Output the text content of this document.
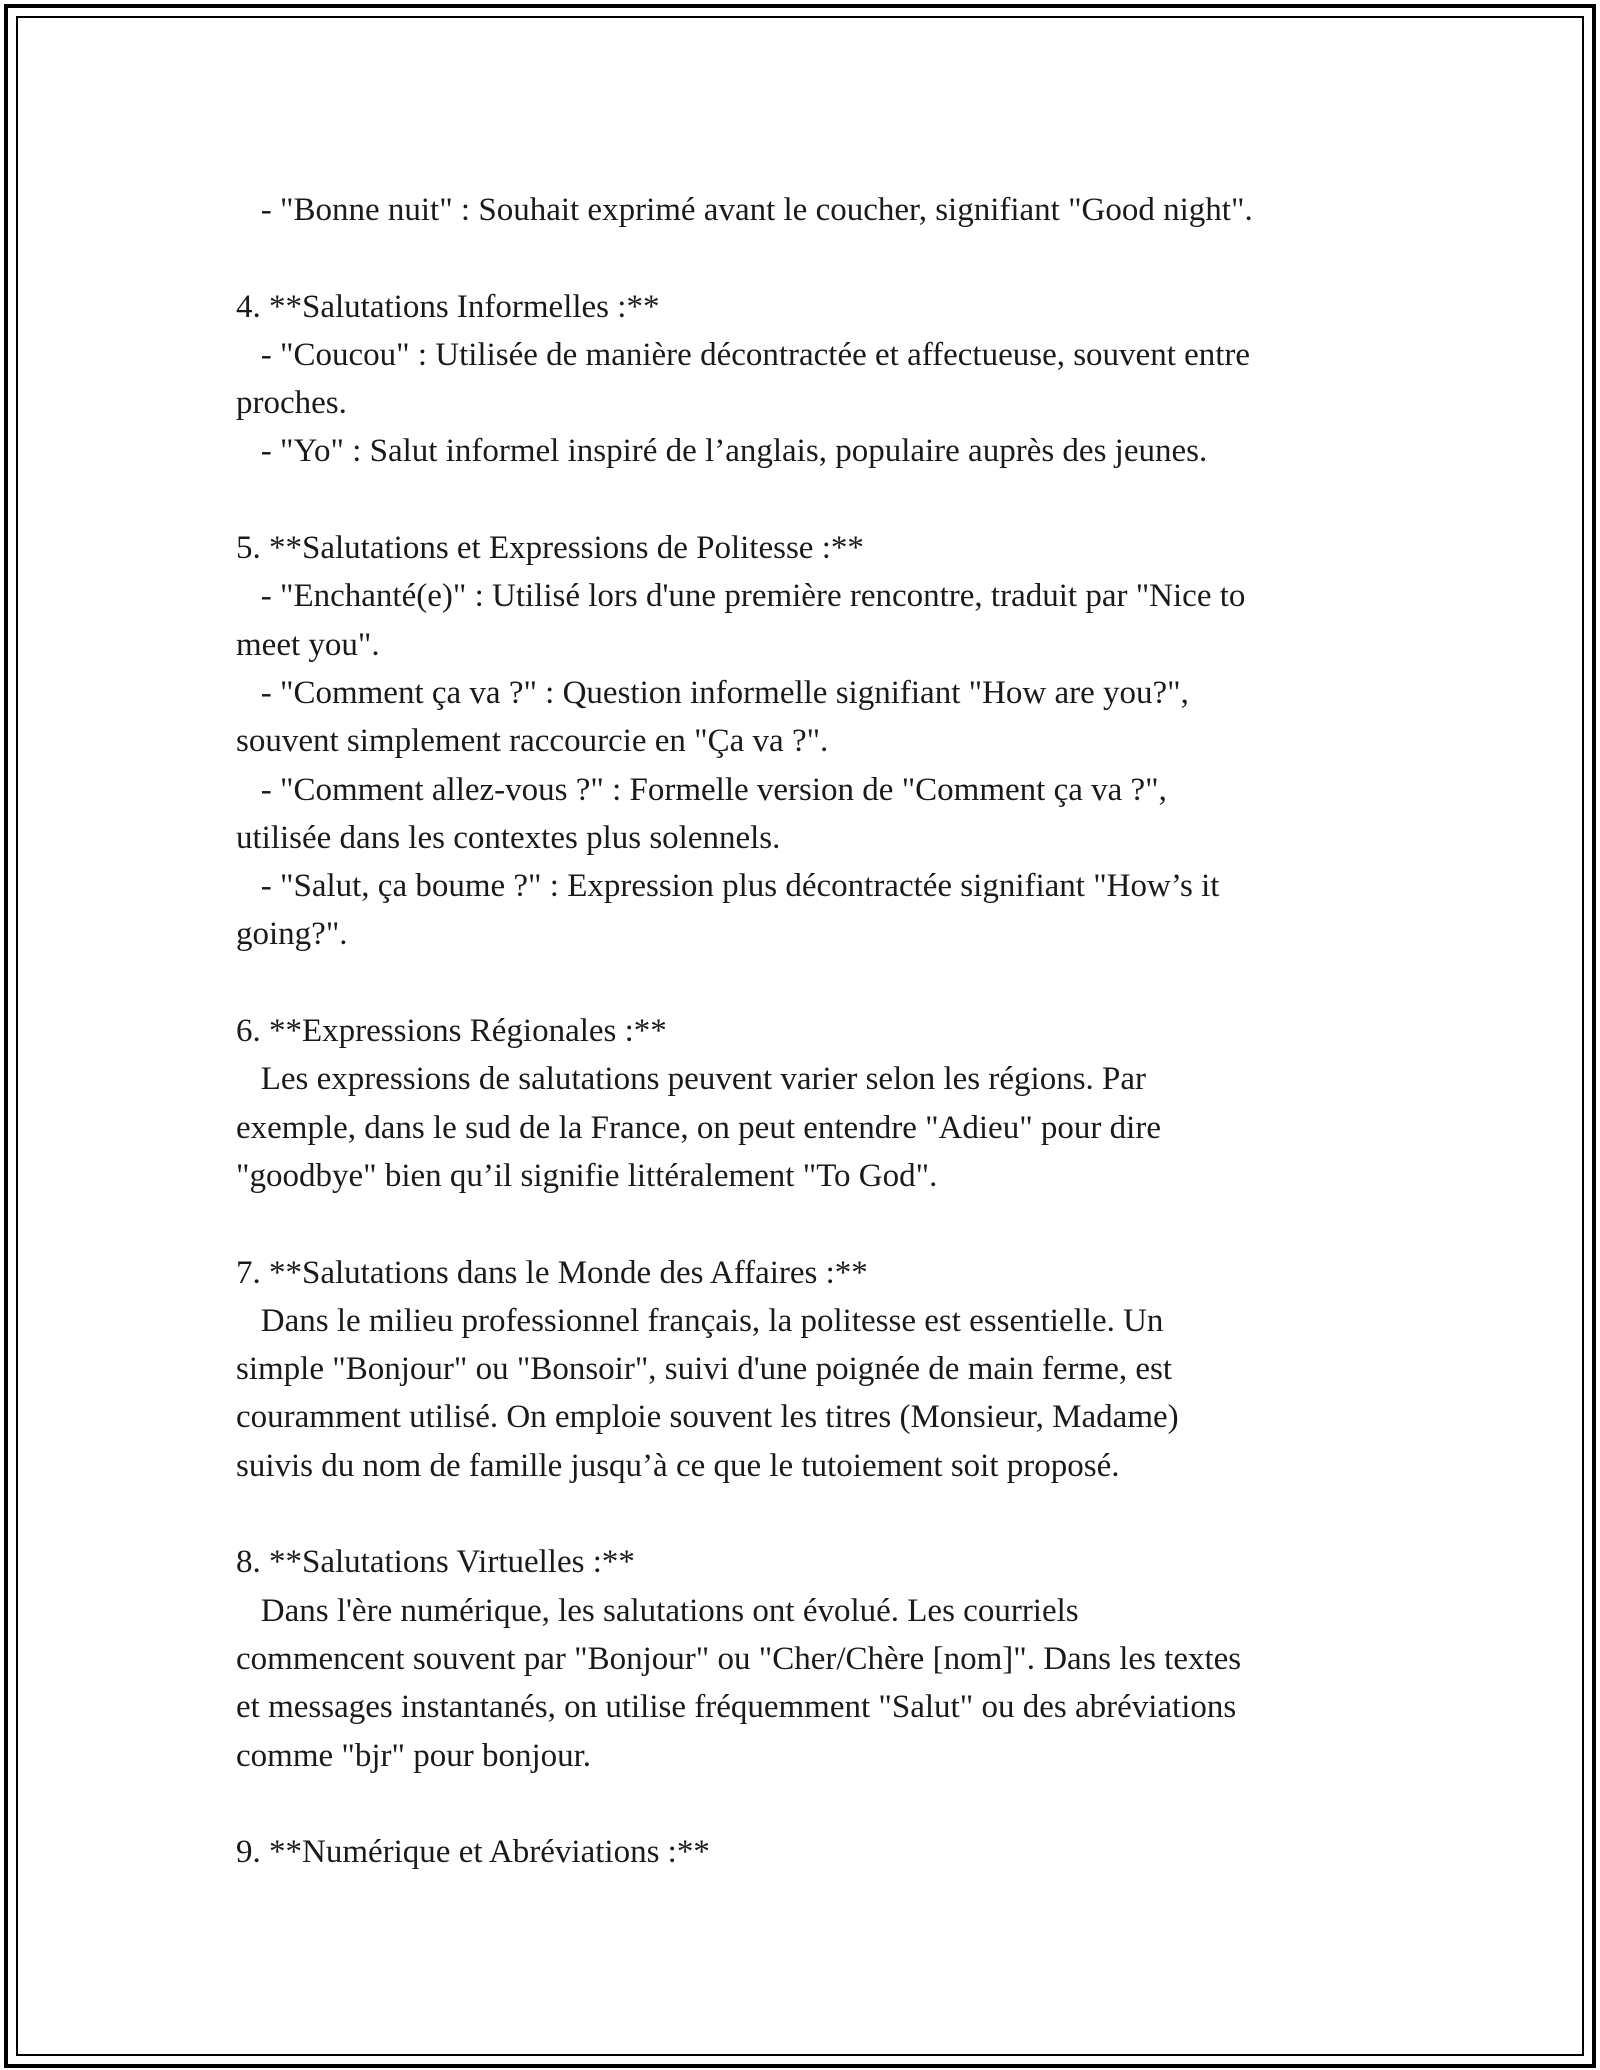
- "Bonne nuit" : Souhait exprimé avant le coucher, signifiant "Good night".
4. **Salutations Informelles :**
- "Coucou" : Utilisée de manière décontractée et affectueuse, souvent entre
proches.
- "Yo" : Salut informel inspiré de l’anglais, populaire auprès des jeunes.
5. **Salutations et Expressions de Politesse :**
- "Enchanté(e)" : Utilisé lors d'une première rencontre, traduit par "Nice to
meet you".
- "Comment ça va ?" : Question informelle signifiant "How are you?",
souvent simplement raccourcie en "Ça va ?".
- "Comment allez-vous ?" : Formelle version de "Comment ça va ?",
utilisée dans les contextes plus solennels.
- "Salut, ça boume ?" : Expression plus décontractée signifiant "How’s it
going?".
6. **Expressions Régionales :**
Les expressions de salutations peuvent varier selon les régions. Par
exemple, dans le sud de la France, on peut entendre "Adieu" pour dire
"goodbye" bien qu’il signifie littéralement "To God".
7. **Salutations dans le Monde des Affaires :**
Dans le milieu professionnel français, la politesse est essentielle. Un
simple "Bonjour" ou "Bonsoir", suivi d'une poignée de main ferme, est
couramment utilisé. On emploie souvent les titres (Monsieur, Madame)
suivis du nom de famille jusqu’à ce que le tutoiement soit proposé.
8. **Salutations Virtuelles :**
Dans l'ère numérique, les salutations ont évolué. Les courriels
commencent souvent par "Bonjour" ou "Cher/Chère [nom]". Dans les textes
et messages instantanés, on utilise fréquemment "Salut" ou des abréviations
comme "bjr" pour bonjour.
9. **Numérique et Abréviations :**
